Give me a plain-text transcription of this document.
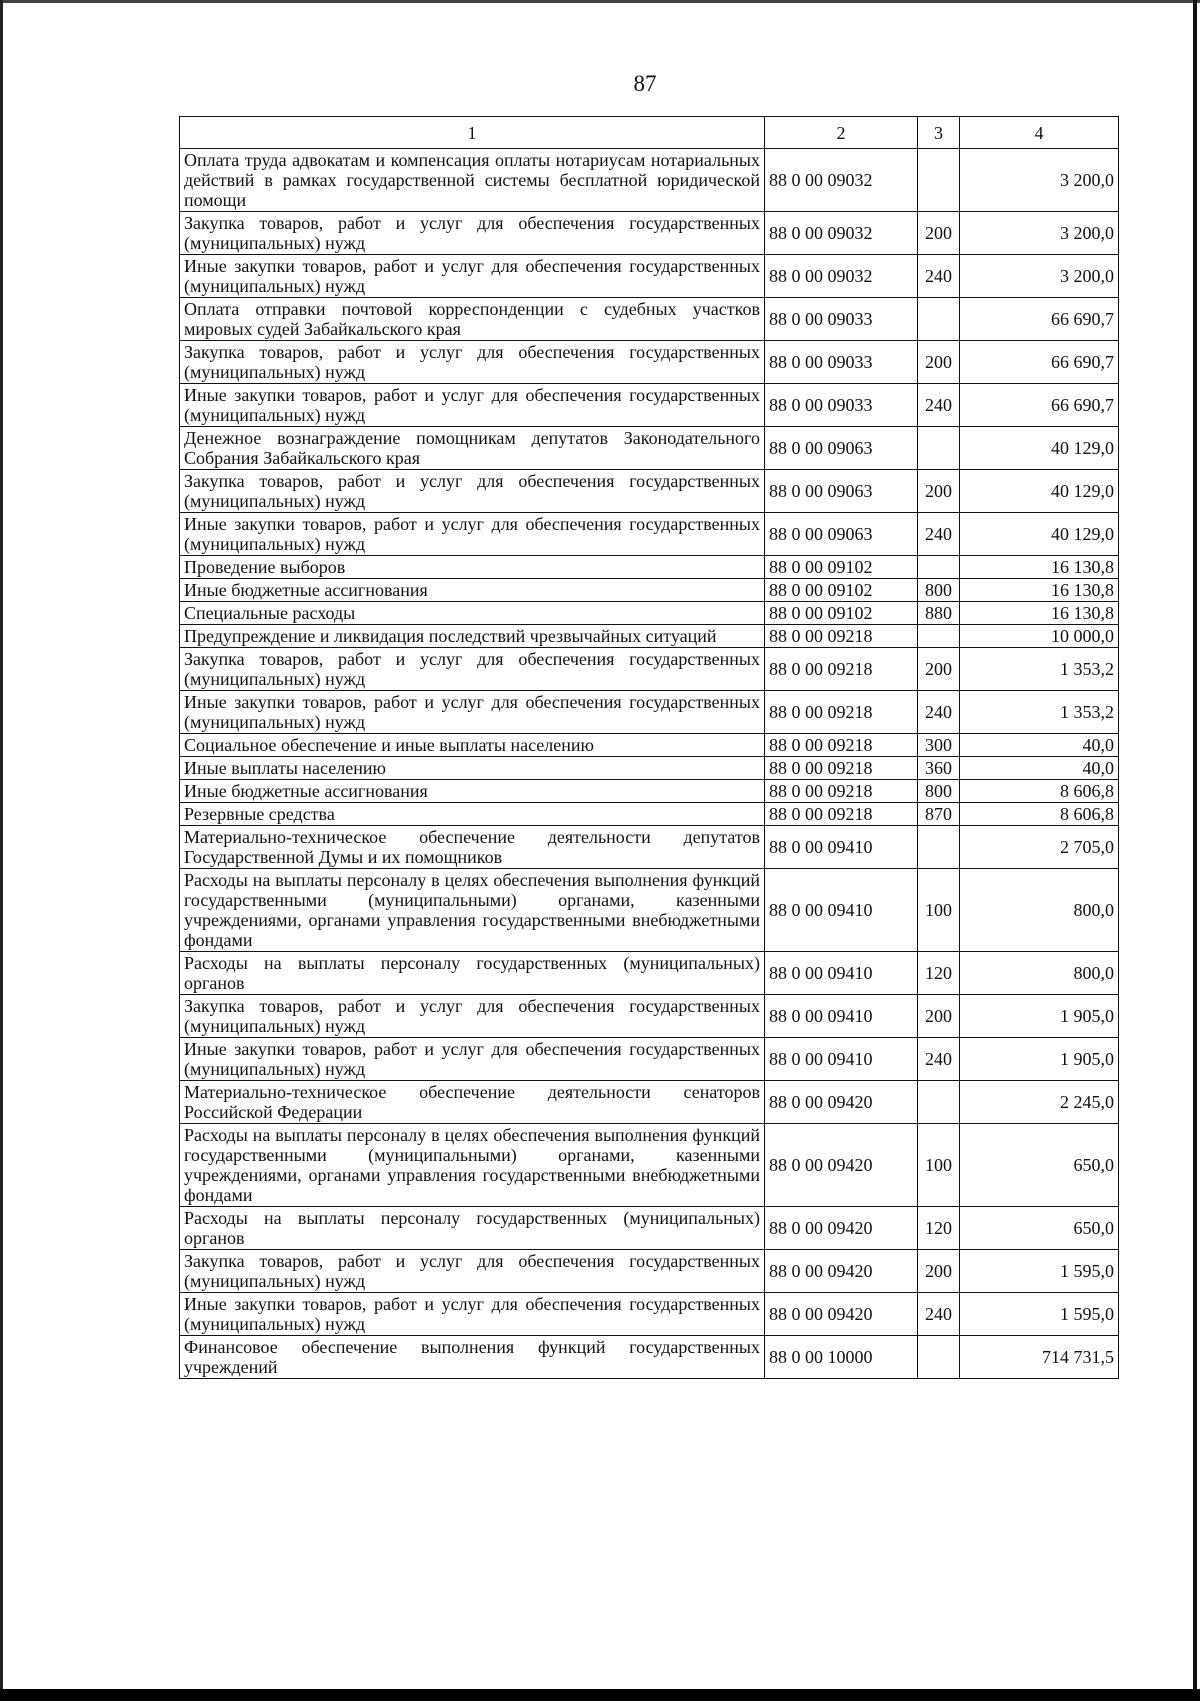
87
1	2	3	4
Оплата труда адвокатам и компенсация оплаты нотариусам нотариальных действий в рамках государственной системы бесплатной юридической помощи	88 0 00 09032		3 200,0
Закупка товаров, работ и услуг для обеспечения государственных (муниципальных) нужд	88 0 00 09032	200	3 200,0
Иные закупки товаров, работ и услуг для обеспечения государственных (муниципальных) нужд	88 0 00 09032	240	3 200,0
Оплата отправки почтовой корреспонденции с судебных участков мировых судей Забайкальского края	88 0 00 09033		66 690,7
Закупка товаров, работ и услуг для обеспечения государственных (муниципальных) нужд	88 0 00 09033	200	66 690,7
Иные закупки товаров, работ и услуг для обеспечения государственных (муниципальных) нужд	88 0 00 09033	240	66 690,7
Денежное вознаграждение помощникам депутатов Законодательного Собрания Забайкальского края	88 0 00 09063		40 129,0
Закупка товаров, работ и услуг для обеспечения государственных (муниципальных) нужд	88 0 00 09063	200	40 129,0
Иные закупки товаров, работ и услуг для обеспечения государственных (муниципальных) нужд	88 0 00 09063	240	40 129,0
Проведение выборов	88 0 00 09102		16 130,8
Иные бюджетные ассигнования	88 0 00 09102	800	16 130,8
Специальные расходы	88 0 00 09102	880	16 130,8
Предупреждение и ликвидация последствий чрезвычайных ситуаций	88 0 00 09218		10 000,0
Закупка товаров, работ и услуг для обеспечения государственных (муниципальных) нужд	88 0 00 09218	200	1 353,2
Иные закупки товаров, работ и услуг для обеспечения государственных (муниципальных) нужд	88 0 00 09218	240	1 353,2
Социальное обеспечение и иные выплаты населению	88 0 00 09218	300	40,0
Иные выплаты населению	88 0 00 09218	360	40,0
Иные бюджетные ассигнования	88 0 00 09218	800	8 606,8
Резервные средства	88 0 00 09218	870	8 606,8
Материально-техническое обеспечение деятельности депутатов Государственной Думы и их помощников	88 0 00 09410		2 705,0
Расходы на выплаты персоналу в целях обеспечения выполнения функций государственными (муниципальными) органами, казенными учреждениями, органами управления государственными внебюджетными фондами	88 0 00 09410	100	800,0
Расходы на выплаты персоналу государственных (муниципальных) органов	88 0 00 09410	120	800,0
Закупка товаров, работ и услуг для обеспечения государственных (муниципальных) нужд	88 0 00 09410	200	1 905,0
Иные закупки товаров, работ и услуг для обеспечения государственных (муниципальных) нужд	88 0 00 09410	240	1 905,0
Материально-техническое обеспечение деятельности сенаторов Российской Федерации	88 0 00 09420		2 245,0
Расходы на выплаты персоналу в целях обеспечения выполнения функций государственными (муниципальными) органами, казенными учреждениями, органами управления государственными внебюджетными фондами	88 0 00 09420	100	650,0
Расходы на выплаты персоналу государственных (муниципальных) органов	88 0 00 09420	120	650,0
Закупка товаров, работ и услуг для обеспечения государственных (муниципальных) нужд	88 0 00 09420	200	1 595,0
Иные закупки товаров, работ и услуг для обеспечения государственных (муниципальных) нужд	88 0 00 09420	240	1 595,0
Финансовое обеспечение выполнения функций государственных учреждений	88 0 00 10000		714 731,5
